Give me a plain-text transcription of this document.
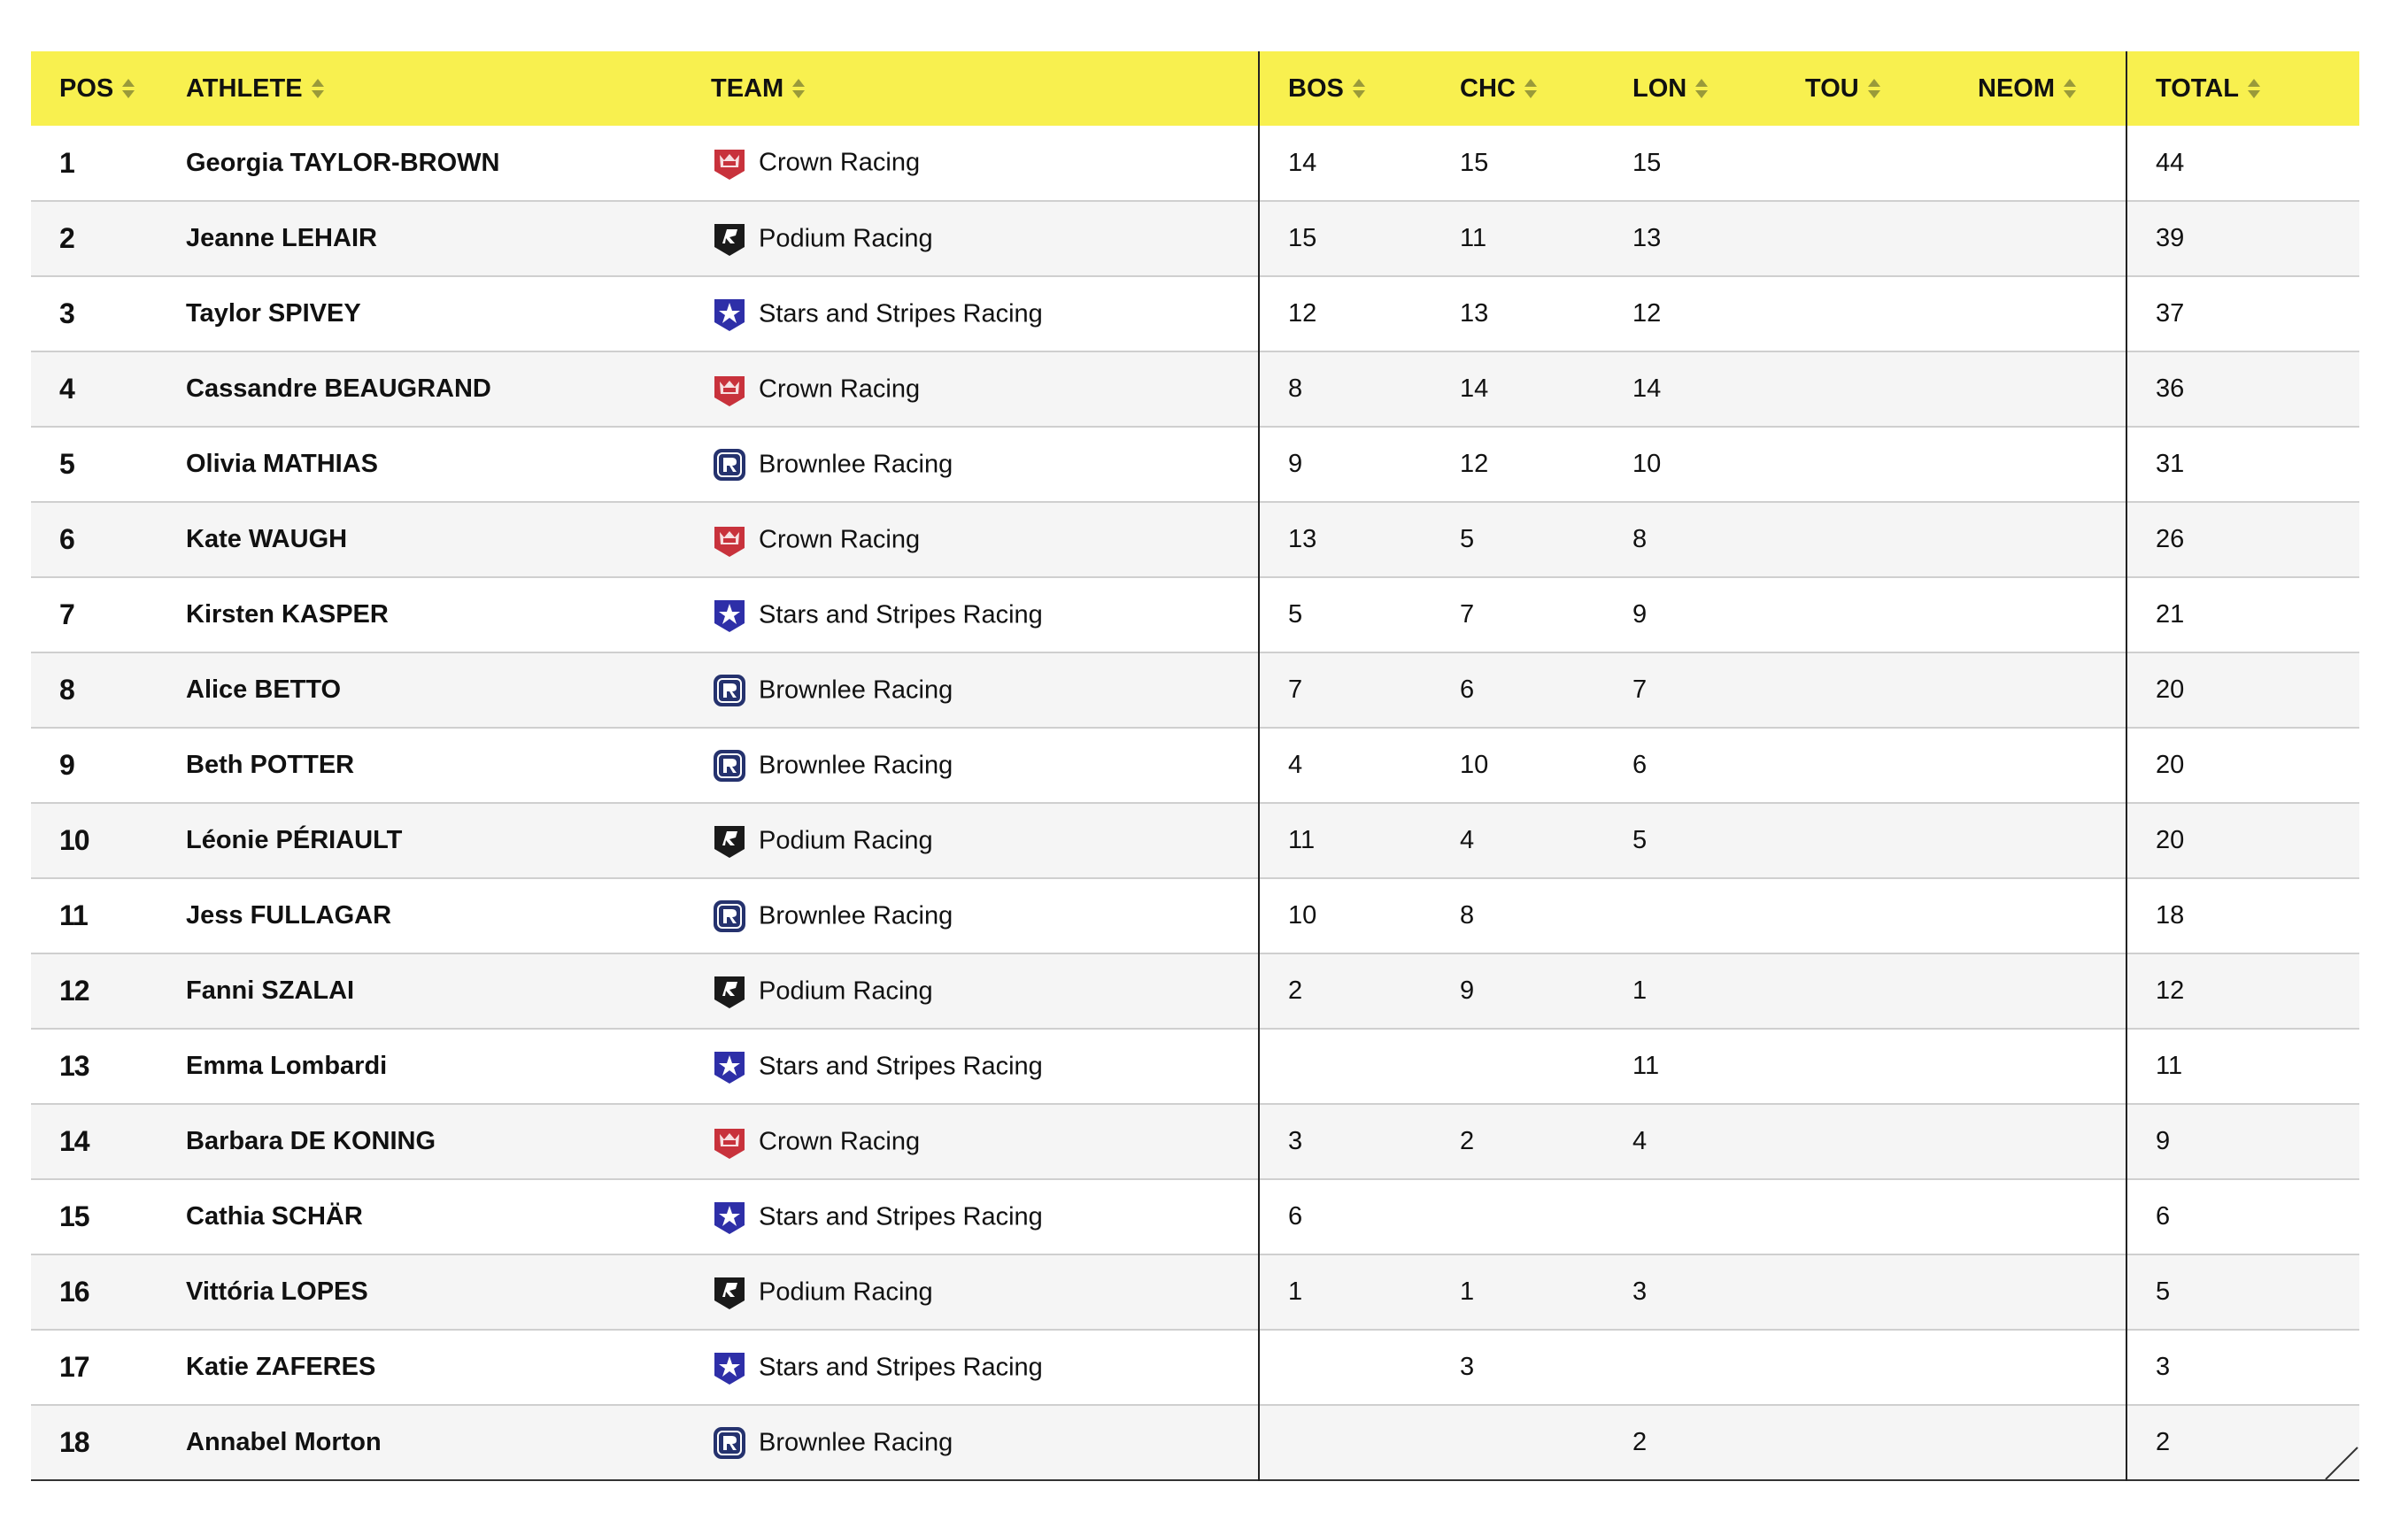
POS	ATHLETE	TEAM	BOS	CHC	LON	TOU	NEOM	TOTAL
1	Georgia TAYLOR-BROWN	Crown Racing	14	15	15			44
2	Jeanne LEHAIR	Podium Racing	15	11	13			39
3	Taylor SPIVEY	Stars and Stripes Racing	12	13	12			37
4	Cassandre BEAUGRAND	Crown Racing	8	14	14			36
5	Olivia MATHIAS	Brownlee Racing	9	12	10			31
6	Kate WAUGH	Crown Racing	13	5	8			26
7	Kirsten KASPER	Stars and Stripes Racing	5	7	9			21
8	Alice BETTO	Brownlee Racing	7	6	7			20
9	Beth POTTER	Brownlee Racing	4	10	6			20
10	Léonie PÉRIAULT	Podium Racing	11	4	5			20
11	Jess FULLAGAR	Brownlee Racing	10	8				18
12	Fanni SZALAI	Podium Racing	2	9	1			12
13	Emma Lombardi	Stars and Stripes Racing			11			11
14	Barbara DE KONING	Crown Racing	3	2	4			9
15	Cathia SCHÄR	Stars and Stripes Racing	6					6
16	Vittória LOPES	Podium Racing	1	1	3			5
17	Katie ZAFERES	Stars and Stripes Racing		3				3
18	Annabel Morton	Brownlee Racing			2			2
